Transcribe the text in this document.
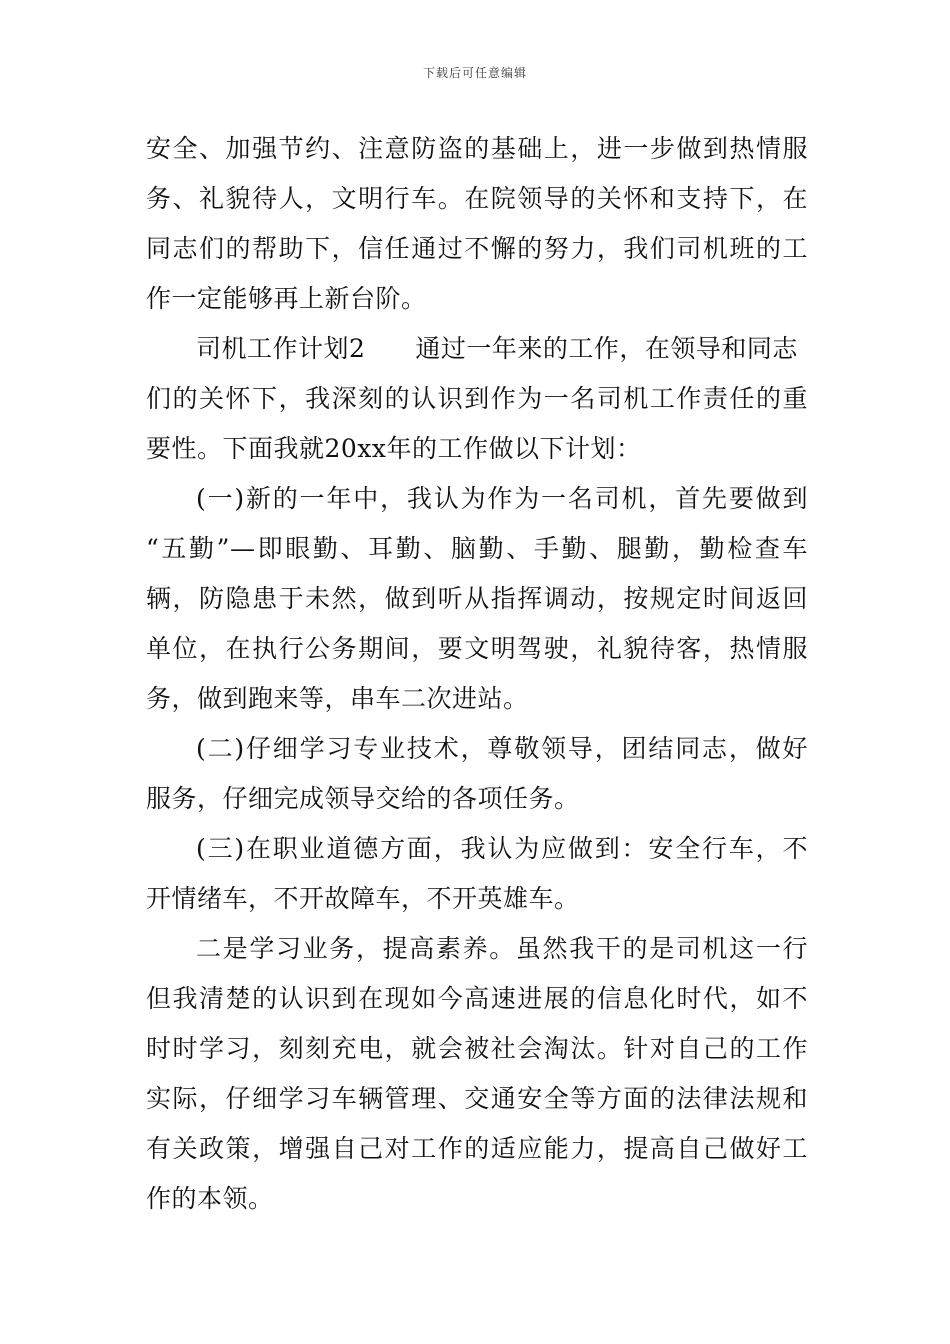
下载后可任意编辑
安全、加强节约、注意防盗的基础上，进一步做到热情服
务、礼貌待人，文明行车。在院领导的关怀和支持下，在
同志们的帮助下，信任通过不懈的努力，我们司机班的工
作一定能够再上新台阶。
司机工作计划2 通过一年来的工作，在领导和同志
们的关怀下，我深刻的认识到作为一名司机工作责任的重
要性。下面我就20xx年的工作做以下计划：
(一)新的一年中，我认为作为一名司机，首先要做到
“五勤”—即眼勤、耳勤、脑勤、手勤、腿勤，勤检查车
辆，防隐患于未然，做到听从指挥调动，按规定时间返回
单位，在执行公务期间，要文明驾驶，礼貌待客，热情服
务，做到跑来等，串车二次进站。
(二)仔细学习专业技术，尊敬领导，团结同志，做好
服务，仔细完成领导交给的各项任务。
(三)在职业道德方面，我认为应做到：安全行车，不
开情绪车，不开故障车，不开英雄车。
二是学习业务，提高素养。虽然我干的是司机这一行
但我清楚的认识到在现如今高速进展的信息化时代，如不
时时学习，刻刻充电，就会被社会淘汰。针对自己的工作
实际，仔细学习车辆管理、交通安全等方面的法律法规和
有关政策，增强自己对工作的适应能力，提高自己做好工
作的本领。
